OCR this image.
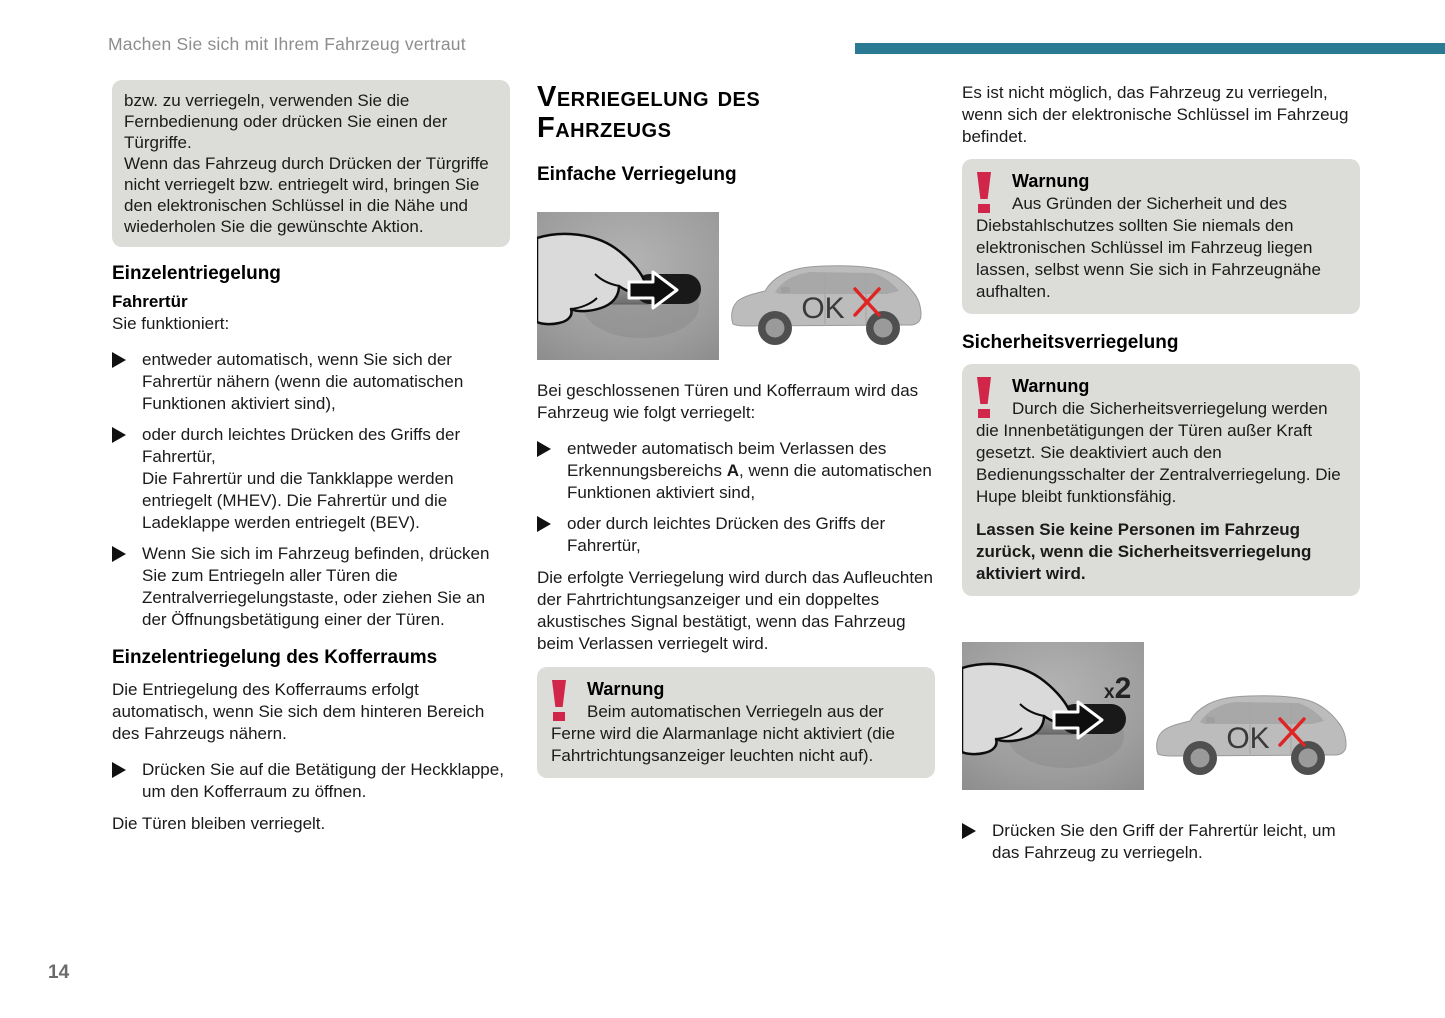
Machen Sie sich mit Ihrem Fahrzeug vertraut
bzw. zu verriegeln, verwenden Sie die Fernbedienung oder drücken Sie einen der Türgriffe.
Wenn das Fahrzeug durch Drücken der Türgriffe nicht verriegelt bzw. entriegelt wird, bringen Sie den elektronischen Schlüssel in die Nähe und wiederholen Sie die gewünschte Aktion.
Einzelentriegelung
Fahrertür
Sie funktioniert:
entweder automatisch, wenn Sie sich der Fahrertür nähern (wenn die automatischen Funktionen aktiviert sind),
oder durch leichtes Drücken des Griffs der Fahrertür,
Die Fahrertür und die Tankklappe werden entriegelt (MHEV). Die Fahrertür und die Ladeklappe werden entriegelt (BEV).
Wenn Sie sich im Fahrzeug befinden, drücken Sie zum Entriegeln aller Türen die Zentralverriegelungstaste, oder ziehen Sie an der Öffnungsbetätigung einer der Türen.
Einzelentriegelung des Kofferraums
Die Entriegelung des Kofferraums erfolgt automatisch, wenn Sie sich dem hinteren Bereich des Fahrzeugs nähern.
Drücken Sie auf die Betätigung der Heckklappe, um den Kofferraum zu öffnen.
Die Türen bleiben verriegelt.
Verriegelung des Fahrzeugs
Einfache Verriegelung
OK
Bei geschlossenen Türen und Kofferraum wird das Fahrzeug wie folgt verriegelt:
entweder automatisch beim Verlassen des Erkennungsbereichs A, wenn die automatischen Funktionen aktiviert sind,
oder durch leichtes Drücken des Griffs der Fahrertür,
Die erfolgte Verriegelung wird durch das Aufleuchten der Fahrtrichtungsanzeiger und ein doppeltes akustisches Signal bestätigt, wenn das Fahrzeug beim Verlassen verriegelt wird.
Warnung
Beim automatischen Verriegeln aus der Ferne wird die Alarmanlage nicht aktiviert (die Fahrtrichtungsanzeiger leuchten nicht auf).
Es ist nicht möglich, das Fahrzeug zu verriegeln, wenn sich der elektronische Schlüssel im Fahrzeug befindet.
Warnung
Aus Gründen der Sicherheit und des Diebstahlschutzes sollten Sie niemals den elektronischen Schlüssel im Fahrzeug liegen lassen, selbst wenn Sie sich in Fahrzeugnähe aufhalten.
Sicherheitsverriegelung
Warnung
Durch die Sicherheitsverriegelung werden die Innenbetätigungen der Türen außer Kraft gesetzt. Sie deaktiviert auch den Bedienungsschalter der Zentralverriegelung. Die Hupe bleibt funktionsfähig.
Lassen Sie keine Personen im Fahrzeug zurück, wenn die Sicherheitsverriegelung aktiviert wird.
x2
OK
Drücken Sie den Griff der Fahrertür leicht, um das Fahrzeug zu verriegeln.
14
